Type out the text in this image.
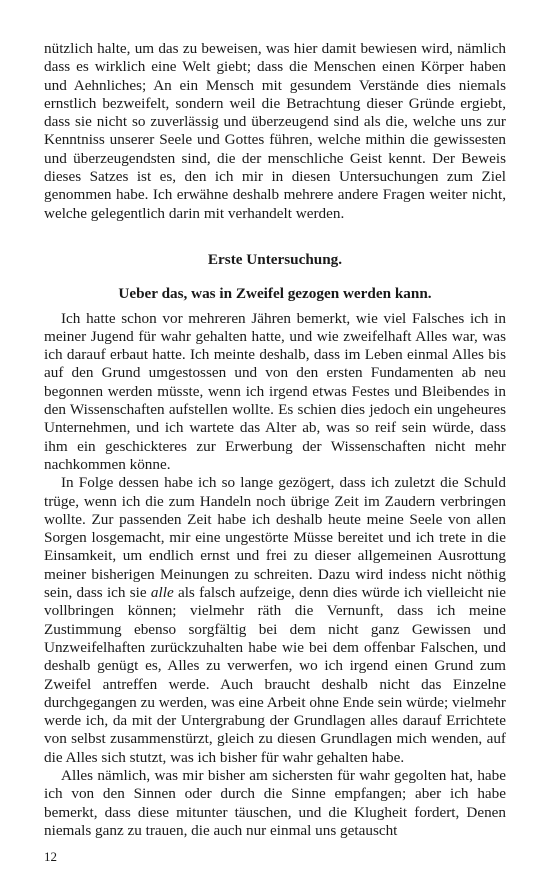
nützlich halte, um das zu beweisen, was hier damit bewiesen wird, nämlich dass es wirklich eine Welt giebt; dass die Menschen einen Körper haben und Aehnliches; An ein Mensch mit gesundem Verstände dies niemals ernstlich bezweifelt, sondern weil die Betrachtung dieser Gründe ergiebt, dass sie nicht so zuverlässig und überzeugend sind als die, welche uns zur Kenntniss unserer Seele und Gottes führen, welche mithin die gewissesten und überzeugendsten sind, die der menschliche Geist kennt. Der Beweis dieses Satzes ist es, den ich mir in diesen Untersuchungen zum Ziel genommen habe. Ich erwähne deshalb mehrere andere Fragen weiter nicht, welche gelegentlich darin mit verhandelt werden.

Erste Untersuchung.

Ueber das, was in Zweifel gezogen werden kann.

Ich hatte schon vor mehreren Jähren bemerkt, wie viel Falsches ich in meiner Jugend für wahr gehalten hatte, und wie zweifelhaft Alles war, was ich darauf erbaut hatte. Ich meinte deshalb, dass im Leben einmal Alles bis auf den Grund umgestossen und von den ersten Fundamenten ab neu begonnen werden müsste, wenn ich irgend etwas Festes und Bleibendes in den Wissenschaften aufstellen wollte. Es schien dies jedoch ein ungeheures Unternehmen, und ich wartete das Alter ab, was so reif sein würde, dass ihm ein geschickteres zur Erwerbung der Wissenschaften nicht mehr nachkommen könne.

In Folge dessen habe ich so lange gezögert, dass ich zuletzt die Schuld trüge, wenn ich die zum Handeln noch übrige Zeit im Zaudern verbringen wollte. Zur passenden Zeit habe ich deshalb heute meine Seele von allen Sorgen losgemacht, mir eine ungestörte Müsse bereitet und ich trete in die Einsamkeit, um endlich ernst und frei zu dieser allgemeinen Ausrottung meiner bisherigen Meinungen zu schreiten. Dazu wird indess nicht nöthig sein, dass ich sie alle als falsch aufzeige, denn dies würde ich vielleicht nie vollbringen können; vielmehr räth die Vernunft, dass ich meine Zustimmung ebenso sorgfältig bei dem nicht ganz Gewissen und Unzweifelhaften zurückzuhalten habe wie bei dem offenbar Falschen, und deshalb genügt es, Alles zu verwerfen, wo ich irgend einen Grund zum Zweifel antreffen werde. Auch braucht deshalb nicht das Einzelne durchgegangen zu werden, was eine Arbeit ohne Ende sein würde; vielmehr werde ich, da mit der Untergrabung der Grundlagen alles darauf Errichtete von selbst zusammenstürzt, gleich zu diesen Grundlagen mich wenden, auf die Alles sich stutzt, was ich bisher für wahr gehalten habe.

Alles nämlich, was mir bisher am sichersten für wahr gegolten hat, habe ich von den Sinnen oder durch die Sinne empfangen; aber ich habe bemerkt, dass diese mitunter täuschen, und die Klugheit fordert, Denen niemals ganz zu trauen, die auch nur einmal uns getauscht

12
